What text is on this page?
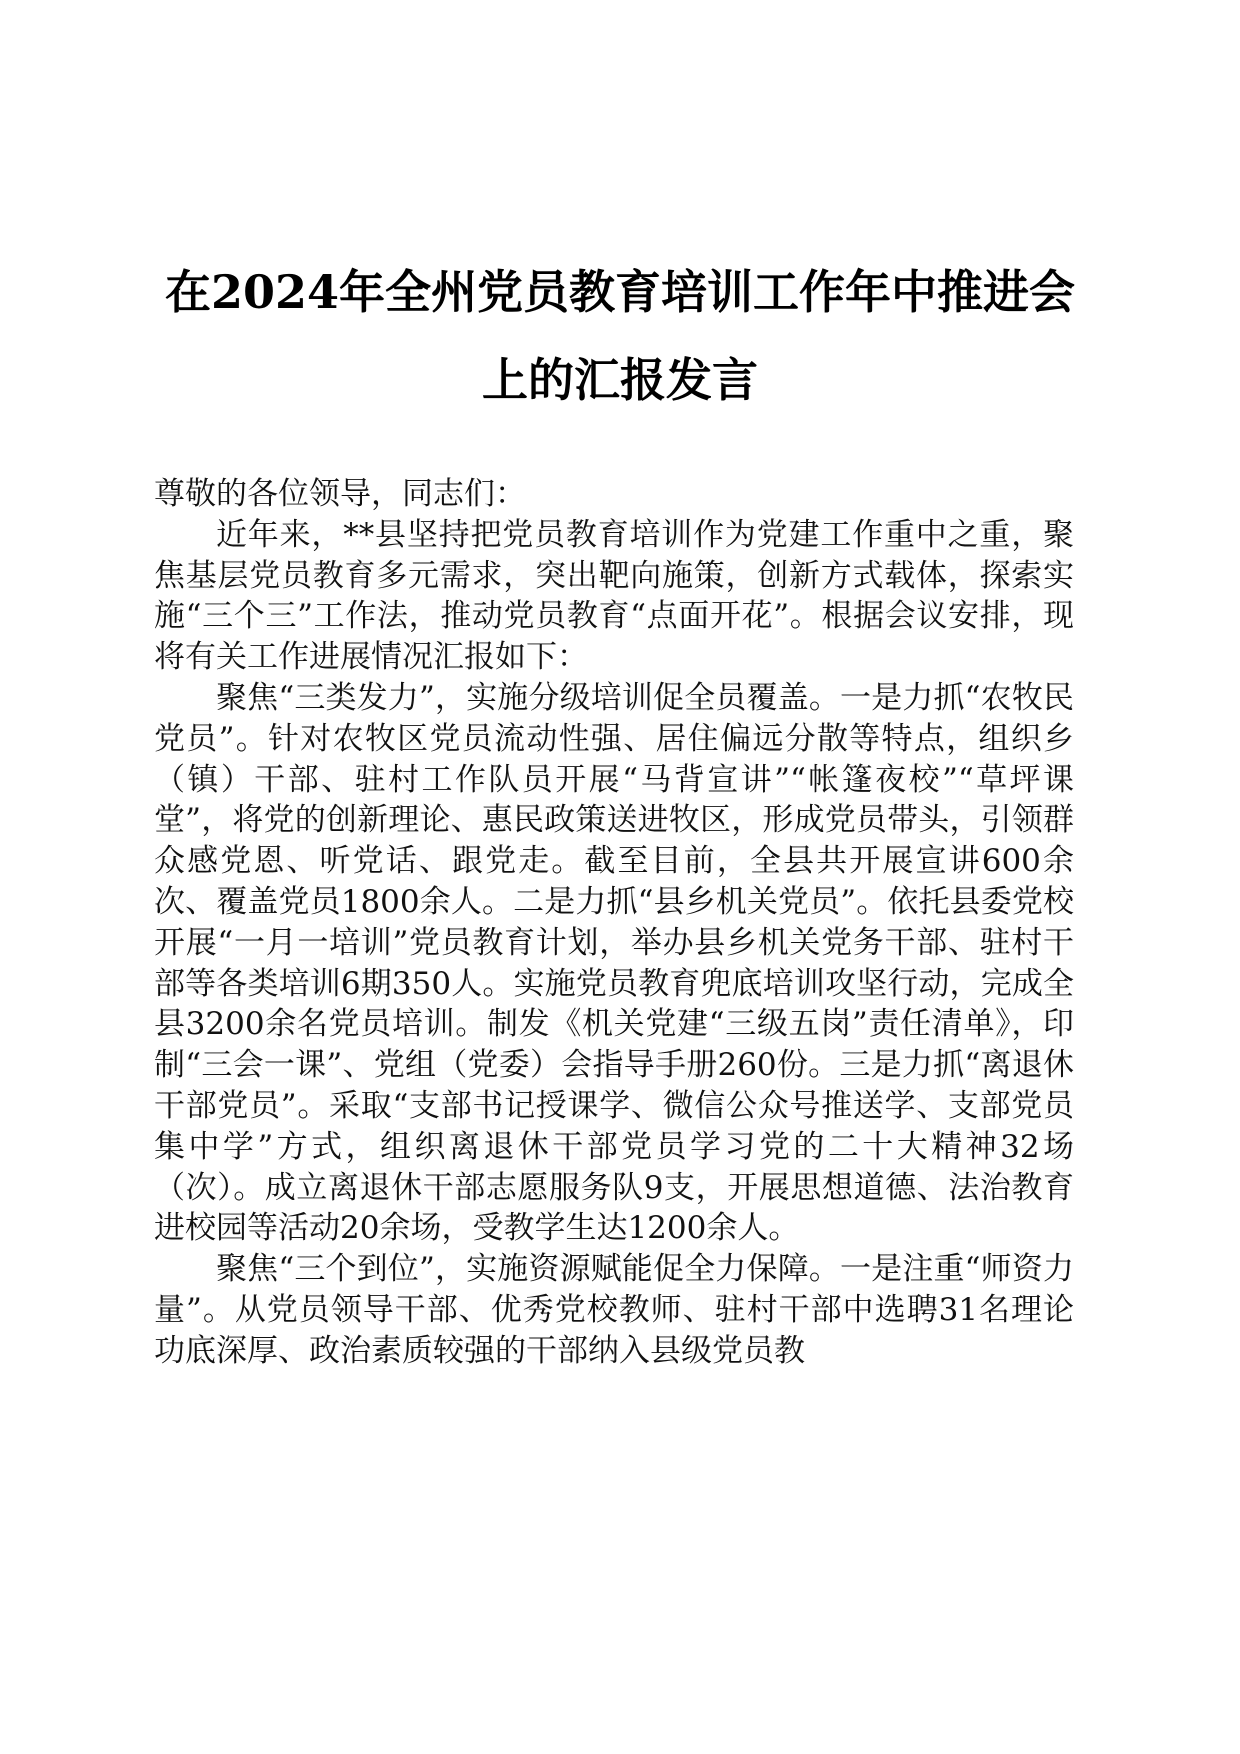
在2024年全州党员教育培训工作年中推进会
上的汇报发言

尊敬的各位领导，同志们：

近年来，**县坚持把党员教育培训作为党建工作重中之重，聚焦基层党员教育多元需求，突出靶向施策，创新方式载体，探索实施“三个三”工作法，推动党员教育“点面开花”。根据会议安排，现将有关工作进展情况汇报如下：

聚焦“三类发力”，实施分级培训促全员覆盖。一是力抓“农牧民党员”。针对农牧区党员流动性强、居住偏远分散等特点，组织乡（镇）干部、驻村工作队员开展“马背宣讲”“帐篷夜校”“草坪课堂”，将党的创新理论、惠民政策送进牧区，形成党员带头，引领群众感党恩、听党话、跟党走。截至目前，全县共开展宣讲600余次、覆盖党员1800余人。二是力抓“县乡机关党员”。依托县委党校开展“一月一培训”党员教育计划，举办县乡机关党务干部、驻村干部等各类培训6期350人。实施党员教育兜底培训攻坚行动，完成全县3200余名党员培训。制发《机关党建“三级五岗”责任清单》，印制“三会一课”、党组（党委）会指导手册260份。三是力抓“离退休干部党员”。采取“支部书记授课学、微信公众号推送学、支部党员集中学”方式，组织离退休干部党员学习党的二十大精神32场（次）。成立离退休干部志愿服务队9支，开展思想道德、法治教育进校园等活动20余场，受教学生达1200余人。

聚焦“三个到位”，实施资源赋能促全力保障。一是注重“师资力量”。从党员领导干部、优秀党校教师、驻村干部中选聘31名理论功底深厚、政治素质较强的干部纳入县级党员教
